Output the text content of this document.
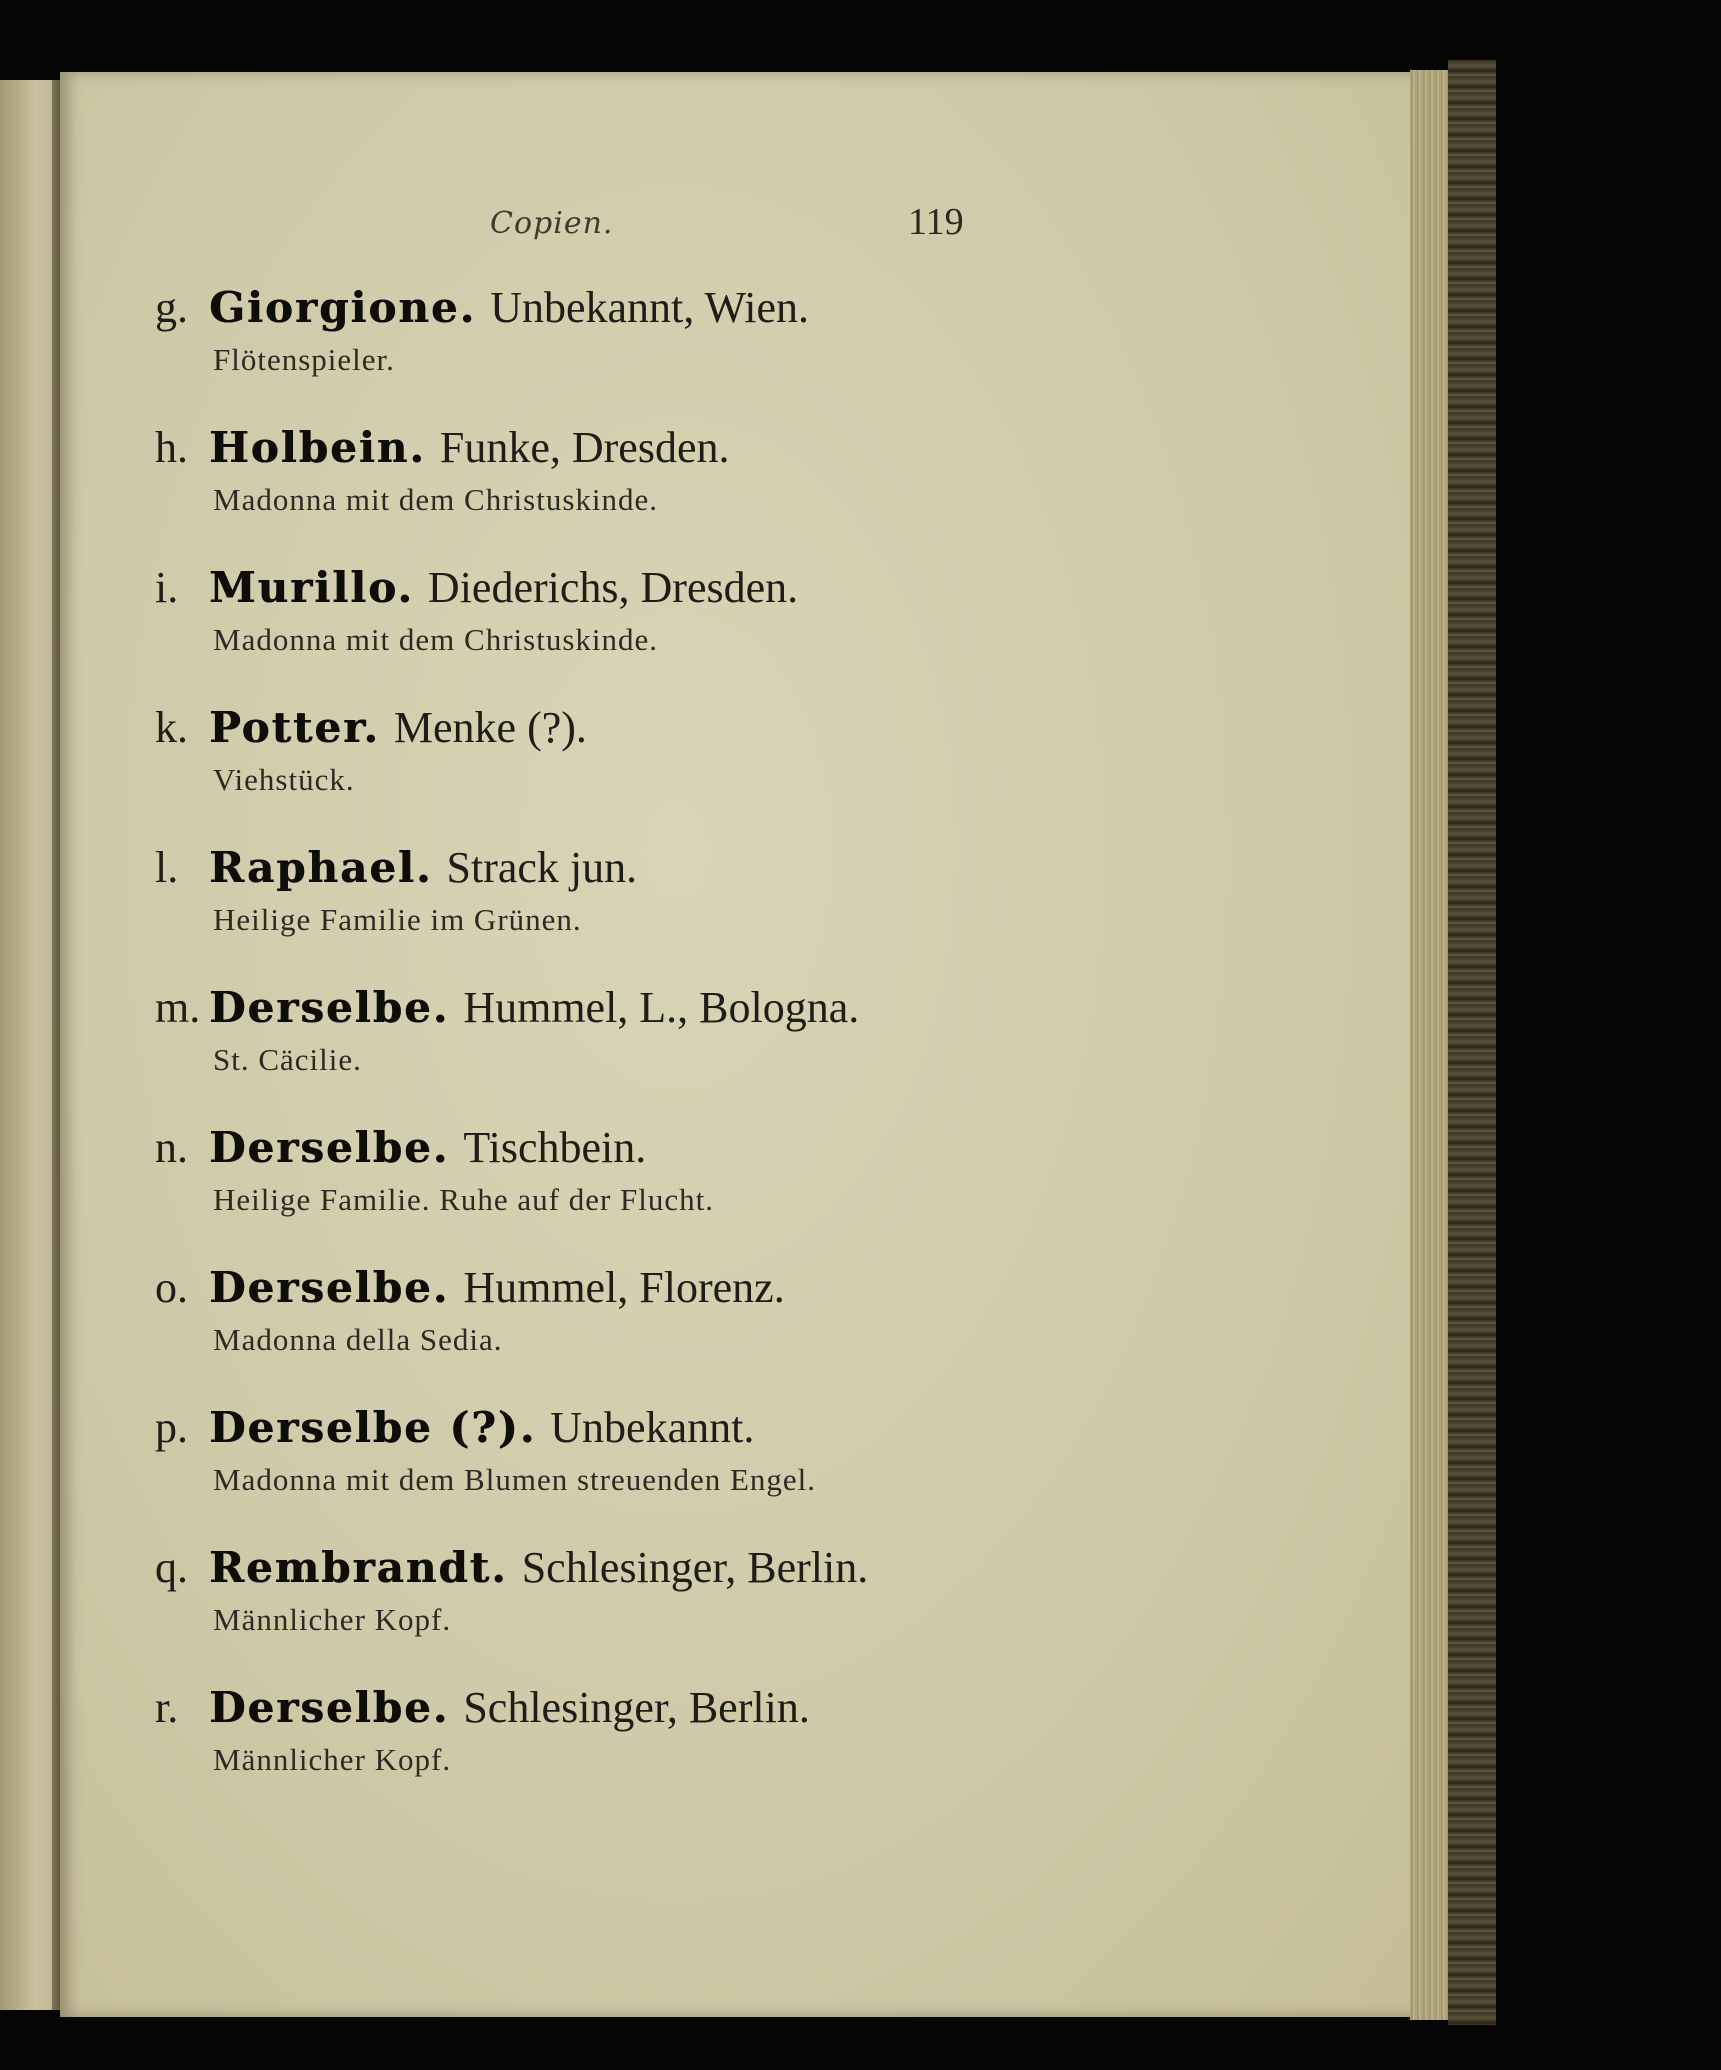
Copien.	119
g. Giorgione. Unbekannt, Wien.
Flötenspieler.
h. Holbein. Funke, Dresden.
Madonna mit dem Christuskinde.
i. Murillo. Diederichs, Dresden.
Madonna mit dem Christuskinde.
k. Potter. Menke (?).
Viehstück.
l. Raphael. Strack jun.
Heilige Familie im Grünen.
m. Derselbe. Hummel, L., Bologna.
St. Cäcilie.
n. Derselbe. Tischbein.
Heilige Familie. Ruhe auf der Flucht.
o. Derselbe. Hummel, Florenz.
Madonna della Sedia.
p. Derselbe (?). Unbekannt.
Madonna mit dem Blumen streuenden Engel.
q. Rembrandt. Schlesinger, Berlin.
Männlicher Kopf.
r. Derselbe. Schlesinger, Berlin.
Männlicher Kopf.
